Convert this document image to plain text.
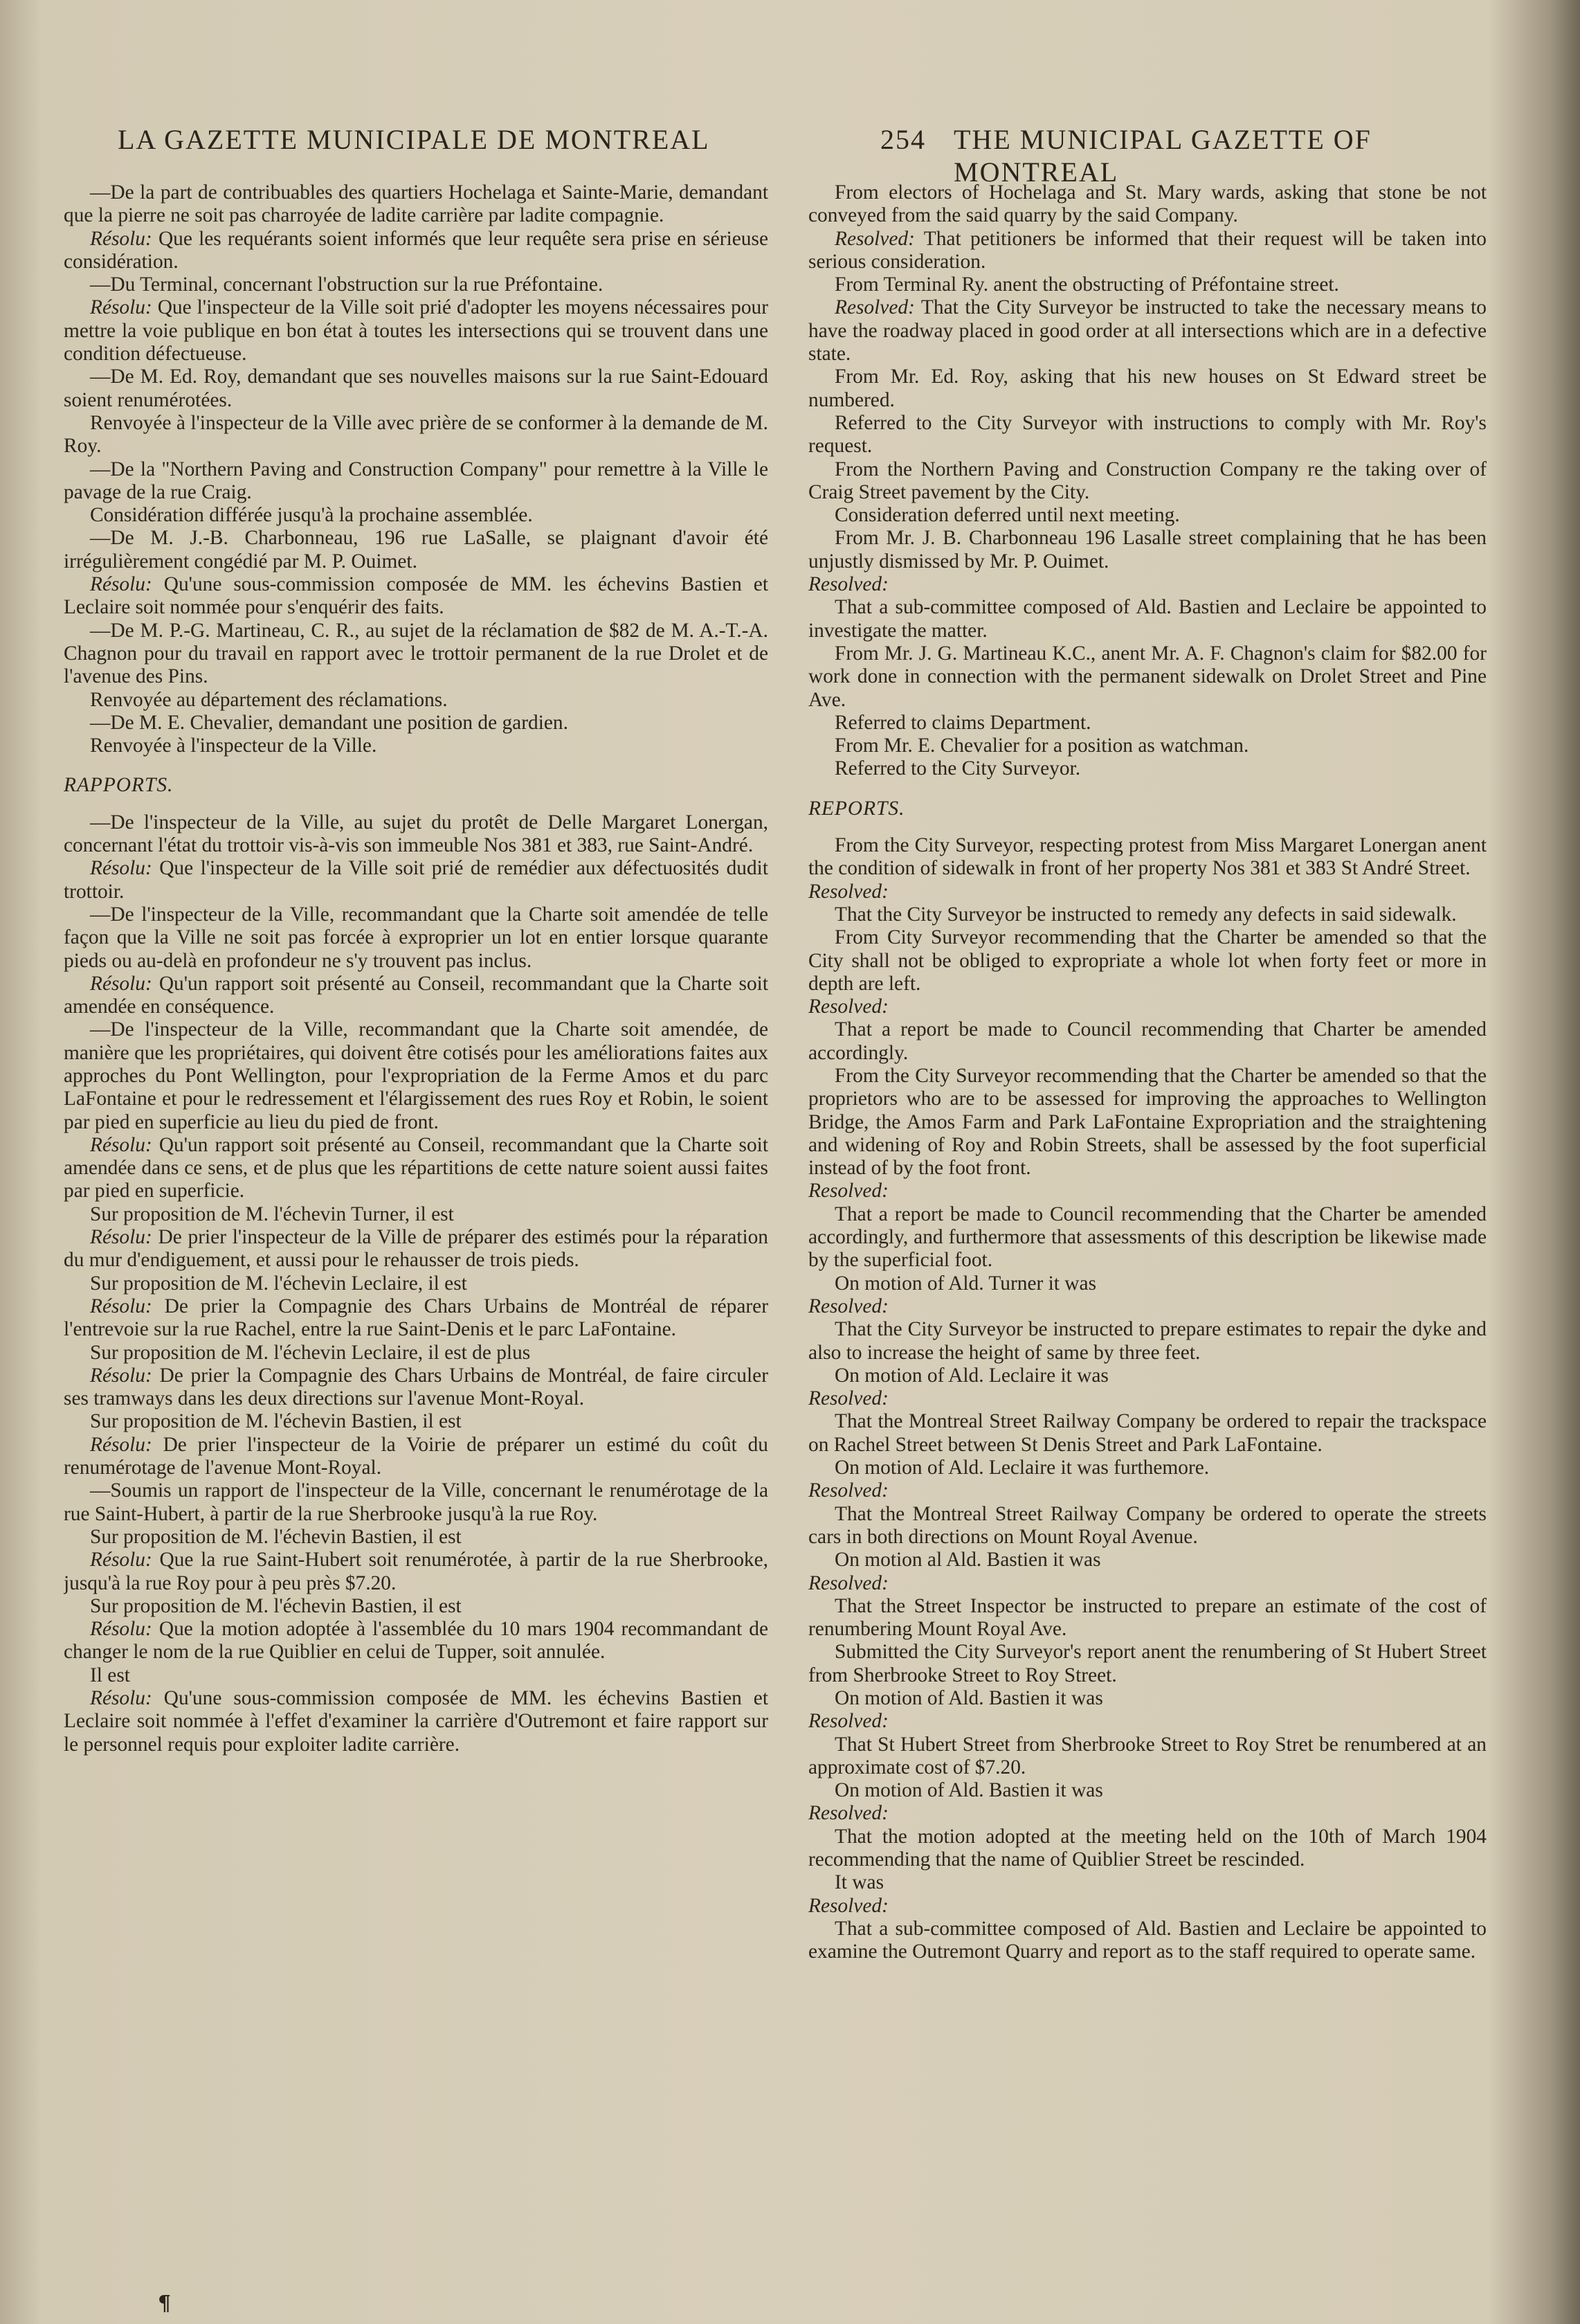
LA GAZETTE MUNICIPALE DE MONTREAL	254 THE MUNICIPAL GAZETTE OF MONTREAL

—De la part de contribuables des quartiers Hochelaga et Sainte-Marie, demandant que la pierre ne soit pas charroyée de ladite carrière par ladite compagnie.

Résolu: Que les requérants soient informés que leur requête sera prise en sérieuse considération.

—Du Terminal, concernant l'obstruction sur la rue Préfontaine.

Résolu: Que l'inspecteur de la Ville soit prié d'adopter les moyens nécessaires pour mettre la voie publique en bon état à toutes les intersections qui se trouvent dans une condition défectueuse.

—De M. Ed. Roy, demandant que ses nouvelles maisons sur la rue Saint-Edouard soient renumérotées.

Renvoyée à l'inspecteur de la Ville avec prière de se conformer à la demande de M. Roy.

—De la "Northern Paving and Construction Company" pour remettre à la Ville le pavage de la rue Craig.

Considération différée jusqu'à la prochaine assemblée.

—De M. J.-B. Charbonneau, 196 rue LaSalle, se plaignant d'avoir été irrégulièrement congédié par M. P. Ouimet.

Résolu: Qu'une sous-commission composée de MM. les échevins Bastien et Leclaire soit nommée pour s'enquérir des faits.

—De M. P.-G. Martineau, C. R., au sujet de la réclamation de $82 de M. A.-T.-A. Chagnon pour du travail en rapport avec le trottoir permanent de la rue Drolet et de l'avenue des Pins.

Renvoyée au département des réclamations.

—De M. E. Chevalier, demandant une position de gardien.

Renvoyée à l'inspecteur de la Ville.

RAPPORTS.

—De l'inspecteur de la Ville, au sujet du protêt de Delle Margaret Lonergan, concernant l'état du trottoir vis-à-vis son immeuble Nos 381 et 383, rue Saint-André.

Résolu: Que l'inspecteur de la Ville soit prié de remédier aux défectuosités dudit trottoir.

—De l'inspecteur de la Ville, recommandant que la Charte soit amendée de telle façon que la Ville ne soit pas forcée à exproprier un lot en entier lorsque quarante pieds ou au-delà en profondeur ne s'y trouvent pas inclus.

Résolu: Qu'un rapport soit présenté au Conseil, recommandant que la Charte soit amendée en conséquence.

—De l'inspecteur de la Ville, recommandant que la Charte soit amendée, de manière que les propriétaires, qui doivent être cotisés pour les améliorations faites aux approches du Pont Wellington, pour l'expropriation de la Ferme Amos et du parc LaFontaine et pour le redressement et l'élargissement des rues Roy et Robin, le soient par pied en superficie au lieu du pied de front.

Résolu: Qu'un rapport soit présenté au Conseil, recommandant que la Charte soit amendée dans ce sens, et de plus que les répartitions de cette nature soient aussi faites par pied en superficie.

Sur proposition de M. l'échevin Turner, il est

Résolu: De prier l'inspecteur de la Ville de préparer des estimés pour la réparation du mur d'endiguement, et aussi pour le rehausser de trois pieds.

Sur proposition de M. l'échevin Leclaire, il est

Résolu: De prier la Compagnie des Chars Urbains de Montréal de réparer l'entrevoie sur la rue Rachel, entre la rue Saint-Denis et le parc LaFontaine.

Sur proposition de M. l'échevin Leclaire, il est de plus

Résolu: De prier la Compagnie des Chars Urbains de Montréal, de faire circuler ses tramways dans les deux directions sur l'avenue Mont-Royal.

Sur proposition de M. l'échevin Bastien, il est

Résolu: De prier l'inspecteur de la Voirie de préparer un estimé du coût du renumérotage de l'avenue Mont-Royal.

—Soumis un rapport de l'inspecteur de la Ville, concernant le renumérotage de la rue Saint-Hubert, à partir de la rue Sherbrooke jusqu'à la rue Roy.

Sur proposition de M. l'échevin Bastien, il est

Résolu: Que la rue Saint-Hubert soit renumérotée, à partir de la rue Sherbrooke, jusqu'à la rue Roy pour à peu près $7.20.

Sur proposition de M. l'échevin Bastien, il est

Résolu: Que la motion adoptée à l'assemblée du 10 mars 1904 recommandant de changer le nom de la rue Quiblier en celui de Tupper, soit annulée.

Il est

Résolu: Qu'une sous-commission composée de MM. les échevins Bastien et Leclaire soit nommée à l'effet d'examiner la carrière d'Outremont et faire rapport sur le personnel requis pour exploiter ladite carrière.

From electors of Hochelaga and St. Mary wards, asking that stone be not conveyed from the said quarry by the said Company.

Resolved: That petitioners be informed that their request will be taken into serious consideration.

From Terminal Ry. anent the obstructing of Préfontaine street.

Resolved: That the City Surveyor be instructed to take the necessary means to have the roadway placed in good order at all intersections which are in a defective state.

From Mr. Ed. Roy, asking that his new houses on St Edward street be numbered.

Referred to the City Surveyor with instructions to comply with Mr. Roy's request.

From the Northern Paving and Construction Company re the taking over of Craig Street pavement by the City.

Consideration deferred until next meeting.

From Mr. J. B. Charbonneau 196 Lasalle street complaining that he has been unjustly dismissed by Mr. P. Ouimet.

Resolved:

That a sub-committee composed of Ald. Bastien and Leclaire be appointed to investigate the matter.

From Mr. J. G. Martineau K.C., anent Mr. A. F. Chagnon's claim for $82.00 for work done in connection with the permanent sidewalk on Drolet Street and Pine Ave.

Referred to claims Department.

From Mr. E. Chevalier for a position as watchman.

Referred to the City Surveyor.

REPORTS.

From the City Surveyor, respecting protest from Miss Margaret Lonergan anent the condition of sidewalk in front of her property Nos 381 et 383 St André Street.

Resolved:

That the City Surveyor be instructed to remedy any defects in said sidewalk.

From City Surveyor recommending that the Charter be amended so that the City shall not be obliged to expropriate a whole lot when forty feet or more in depth are left.

Resolved:

That a report be made to Council recommending that Charter be amended accordingly.

From the City Surveyor recommending that the Charter be amended so that the proprietors who are to be assessed for improving the approaches to Wellington Bridge, the Amos Farm and Park LaFontaine Expropriation and the straightening and widening of Roy and Robin Streets, shall be assessed by the foot superficial instead of by the foot front.

Resolved:

That a report be made to Council recommending that the Charter be amended accordingly, and furthermore that assessments of this description be likewise made by the superficial foot.

On motion of Ald. Turner it was

Resolved:

That the City Surveyor be instructed to prepare estimates to repair the dyke and also to increase the height of same by three feet.

On motion of Ald. Leclaire it was

Resolved:

That the Montreal Street Railway Company be ordered to repair the trackspace on Rachel Street between St Denis Street and Park LaFontaine.

On motion of Ald. Leclaire it was furthemore.

Resolved:

That the Montreal Street Railway Company be ordered to operate the streets cars in both directions on Mount Royal Avenue.

On motion al Ald. Bastien it was

Resolved:

That the Street Inspector be instructed to prepare an estimate of the cost of renumbering Mount Royal Ave.

Submitted the City Surveyor's report anent the renumbering of St Hubert Street from Sherbrooke Street to Roy Street.

On motion of Ald. Bastien it was

Resolved:

That St Hubert Street from Sherbrooke Street to Roy Stret be renumbered at an approximate cost of $7.20.

On motion of Ald. Bastien it was

Resolved:

That the motion adopted at the meeting held on the 10th of March 1904 recommending that the name of Quiblier Street be rescinded.

It was

Resolved:

That a sub-committee composed of Ald. Bastien and Leclaire be appointed to examine the Outremont Quarry and report as to the staff required to operate same.

¶
